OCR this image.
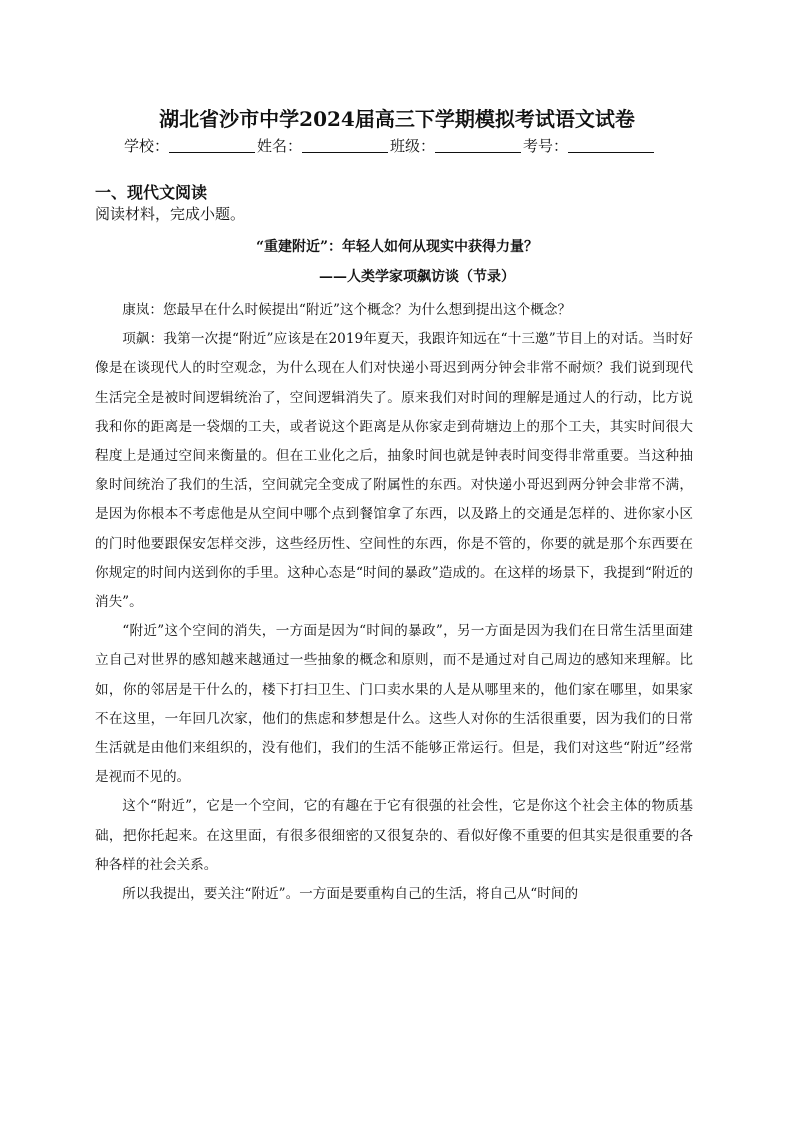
湖北省沙市中学2024届高三下学期模拟考试语文试卷
学校：	姓名：	班级：	考号：
一、现代文阅读
阅读材料，完成小题。
“重建附近”：年轻人如何从现实中获得力量？
——人类学家项飙访谈（节录）

康岚：您最早在什么时候提出“附近”这个概念？为什么想到提出这个概念？

项飙：我第一次提“附近”应该是在2019年夏天，我跟许知远在“十三邀”节目上的对话。当时好像是在谈现代人的时空观念，为什么现在人们对快递小哥迟到两分钟会非常不耐烦？我们说到现代生活完全是被时间逻辑统治了，空间逻辑消失了。原来我们对时间的理解是通过人的行动，比方说我和你的距离是一袋烟的工夫，或者说这个距离是从你家走到荷塘边上的那个工夫，其实时间很大程度上是通过空间来衡量的。但在工业化之后，抽象时间也就是钟表时间变得非常重要。当这种抽象时间统治了我们的生活，空间就完全变成了附属性的东西。对快递小哥迟到两分钟会非常不满，是因为你根本不考虑他是从空间中哪个点到餐馆拿了东西，以及路上的交通是怎样的、进你家小区的门时他要跟保安怎样交涉，这些经历性、空间性的东西，你是不管的，你要的就是那个东西要在你规定的时间内送到你的手里。这种心态是“时间的暴政”造成的。在这样的场景下，我提到“附近的消失”。

“附近”这个空间的消失，一方面是因为“时间的暴政”，另一方面是因为我们在日常生活里面建立自己对世界的感知越来越通过一些抽象的概念和原则，而不是通过对自己周边的感知来理解。比如，你的邻居是干什么的，楼下打扫卫生、门口卖水果的人是从哪里来的，他们家在哪里，如果家不在这里，一年回几次家，他们的焦虑和梦想是什么。这些人对你的生活很重要，因为我们的日常生活就是由他们来组织的，没有他们，我们的生活不能够正常运行。但是，我们对这些“附近”经常是视而不见的。

这个“附近”，它是一个空间，它的有趣在于它有很强的社会性，它是你这个社会主体的物质基础，把你托起来。在这里面，有很多很细密的又很复杂的、看似好像不重要的但其实是很重要的各种各样的社会关系。

所以我提出，要关注“附近”。一方面是要重构自己的生活，将自己从“时间的
